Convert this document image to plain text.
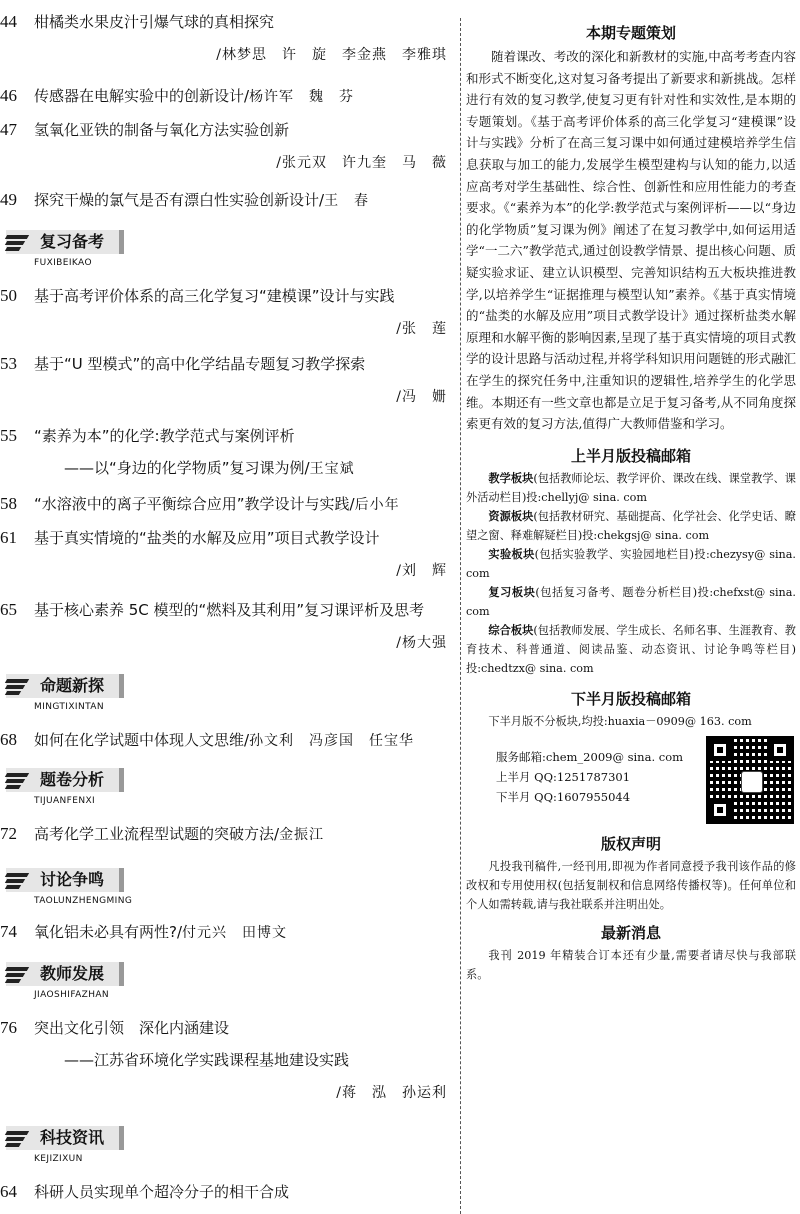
44 柑橘类水果皮汁引爆气球的真相探究
/林梦思　许　旋　李金燕　李雅琪
46 传感器在电解实验中的创新设计/杨许军　魏　芬
47 氢氧化亚铁的制备与氧化方法实验创新
/张元双　许九奎　马　薇
49 探究干燥的氯气是否有漂白性实验创新设计/王　春
复习备考
FUXIBEIKAO
50 基于高考评价体系的高三化学复习“建模课”设计与实践
/张　莲
53 基于“U 型模式”的高中化学结晶专题复习教学探索
/冯　姗
55 “素养为本”的化学:教学范式与案例评析
——以“身边的化学物质”复习课为例/王宝斌
58 “水溶液中的离子平衡综合应用”教学设计与实践/后小年
61 基于真实情境的“盐类的水解及应用”项目式教学设计
/刘　辉
65 基于核心素养 5C 模型的“燃料及其利用”复习课评析及思考
/杨大强
命题新探
MINGTIXINTAN
68 如何在化学试题中体现人文思维/孙文利　冯彦国　任宝华
题卷分析
TIJUANFENXI
72 高考化学工业流程型试题的突破方法/金振江
讨论争鸣
TAOLUNZHENGMING
74 氧化铝未必具有两性?/付元兴　田博文
教师发展
JIAOSHIFAZHAN
76 突出文化引领　深化内涵建设
——江苏省环境化学实践课程基地建设实践
/蒋　泓　孙运利
科技资讯
KEJIZIXUN
64 科研人员实现单个超冷分子的相干合成
本期专题策划

随着课改、考改的深化和新教材的实施,中高考考查内容和形式不断变化,这对复习备考提出了新要求和新挑战。怎样进行有效的复习教学,使复习更有针对性和实效性,是本期的专题策划。《基于高考评价体系的高三化学复习“建模课”设计与实践》分析了在高三复习课中如何通过建模培养学生信息获取与加工的能力,发展学生模型建构与认知的能力,以适应高考对学生基础性、综合性、创新性和应用性能力的考查要求。《“素养为本”的化学:教学范式与案例评析——以“身边的化学物质”复习课为例》阐述了在复习教学中,如何运用适学“一二六”教学范式,通过创设教学情景、提出核心问题、质疑实验求证、建立认识模型、完善知识结构五大板块推进教学,以培养学生“证据推理与模型认知”素养。《基于真实情境的“盐类的水解及应用”项目式教学设计》通过探析盐类水解原理和水解平衡的影响因素,呈现了基于真实情境的项目式教学的设计思路与活动过程,并将学科知识用问题链的形式融汇在学生的探究任务中,注重知识的逻辑性,培养学生的化学思维。本期还有一些文章也都是立足于复习备考,从不同角度探索更有效的复习方法,值得广大教师借鉴和学习。

上半月版投稿邮箱

教学板块(包括教师论坛、教学评价、课改在线、课堂教学、课外活动栏目)投:chellyj@ sina. com

资源板块(包括教材研究、基础提高、化学社会、化学史话、瞭望之窗、释难解疑栏目)投:chekgsj@ sina. com

实验板块(包括实验教学、实验园地栏目)投:chezysy@ sina. com

复习板块(包括复习备考、题卷分析栏目)投:chefxst@ sina. com

综合板块(包括教师发展、学生成长、名师名事、生涯教育、教育技术、科普通道、阅读品鉴、动态资讯、讨论争鸣等栏目)投:chedtzx@ sina. com

下半月版投稿邮箱

下半月版不分板块,均投:huaxia－0909@ 163. com

服务邮箱:chem_2009@ sina. com
上半月 QQ:1251787301
下半月 QQ:1607955044
版权声明

凡投我刊稿件,一经刊用,即视为作者同意授予我刊该作品的修改权和专用使用权(包括复制权和信息网络传播权等)。任何单位和个人如需转载,请与我社联系并注明出处。

最新消息

我刊 2019 年精装合订本还有少量,需要者请尽快与我部联系。
